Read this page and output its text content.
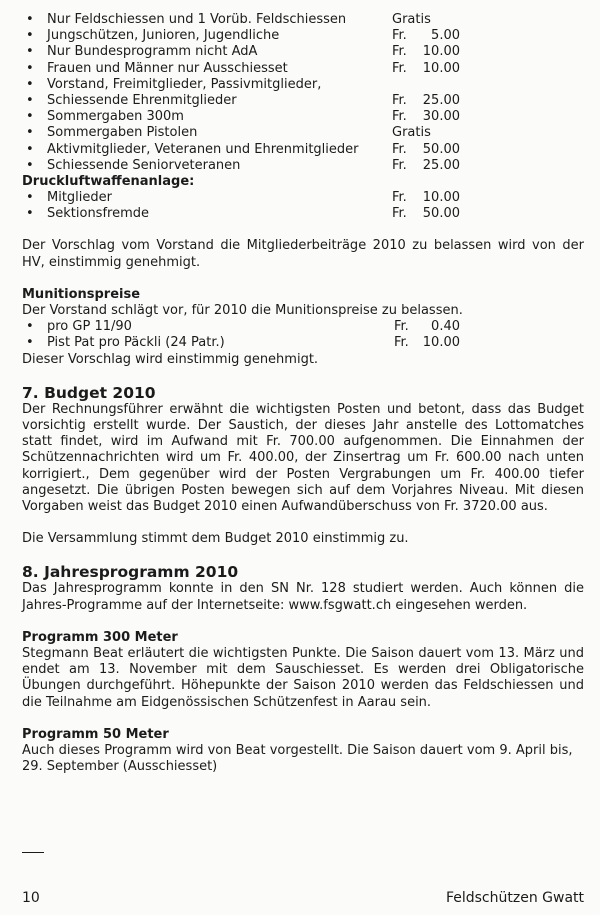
• Nur Feldschiessen und 1 Vorüb. Feldschiessen	Gratis
• Jungschützen, Junioren, Jugendliche	Fr. 5.00
• Nur Bundesprogramm nicht AdA	Fr. 10.00
• Frauen und Männer nur Ausschiesset	Fr. 10.00
• Vorstand, Freimitglieder, Passivmitglieder,
• Schiessende Ehrenmitglieder	Fr. 25.00
• Sommergaben 300m	Fr. 30.00
• Sommergaben Pistolen	Gratis
• Aktivmitglieder, Veteranen und Ehrenmitglieder	Fr. 50.00
• Schiessende Seniorveteranen	Fr. 25.00

Druckluftwaffenanlage:

• Mitglieder	Fr. 10.00
• Sektionsfremde	Fr. 50.00

Der Vorschlag vom Vorstand die Mitgliederbeiträge 2010 zu belassen wird von der HV, einstimmig genehmigt.

Munitionspreise

Der Vorstand schlägt vor, für 2010 die Munitionspreise zu belassen.

• pro GP 11/90	Fr. 0.40
• Pist Pat pro Päckli (24 Patr.)	Fr. 10.00

Dieser Vorschlag wird einstimmig genehmigt.

7. Budget 2010

Der Rechnungsführer erwähnt die wichtigsten Posten und betont, dass das Budget vorsichtig erstellt wurde. Der Saustich, der dieses Jahr anstelle des Lottomatches statt findet, wird im Aufwand mit Fr. 700.00 aufgenommen. Die Einnahmen der Schützennachrichten wird um Fr. 400.00, der Zinsertrag um Fr. 600.00 nach unten korrigiert., Dem gegenüber wird der Posten Vergrabungen um Fr. 400.00 tiefer angesetzt. Die übrigen Posten bewegen sich auf dem Vorjahres Niveau. Mit diesen Vorgaben weist das Budget 2010 einen Aufwandüberschuss von Fr. 3720.00 aus.

Die Versammlung stimmt dem Budget 2010 einstimmig zu.

8. Jahresprogramm 2010

Das Jahresprogramm konnte in den SN Nr. 128 studiert werden. Auch können die Jahres-Programme auf der Internetseite: www.fsgwatt.ch eingesehen werden.

Programm 300 Meter

Stegmann Beat erläutert die wichtigsten Punkte. Die Saison dauert vom 13. März und endet am 13. November mit dem Sauschiesset. Es werden drei Obligatorische Übungen durchgeführt. Höhepunkte der Saison 2010 werden das Feldschiessen und die Teilnahme am Eidgenössischen Schützenfest in Aarau sein.

Programm 50 Meter

Auch dieses Programm wird von Beat vorgestellt. Die Saison dauert vom 9. April bis, 29. September (Ausschiesset)

10	Feldschützen Gwatt
